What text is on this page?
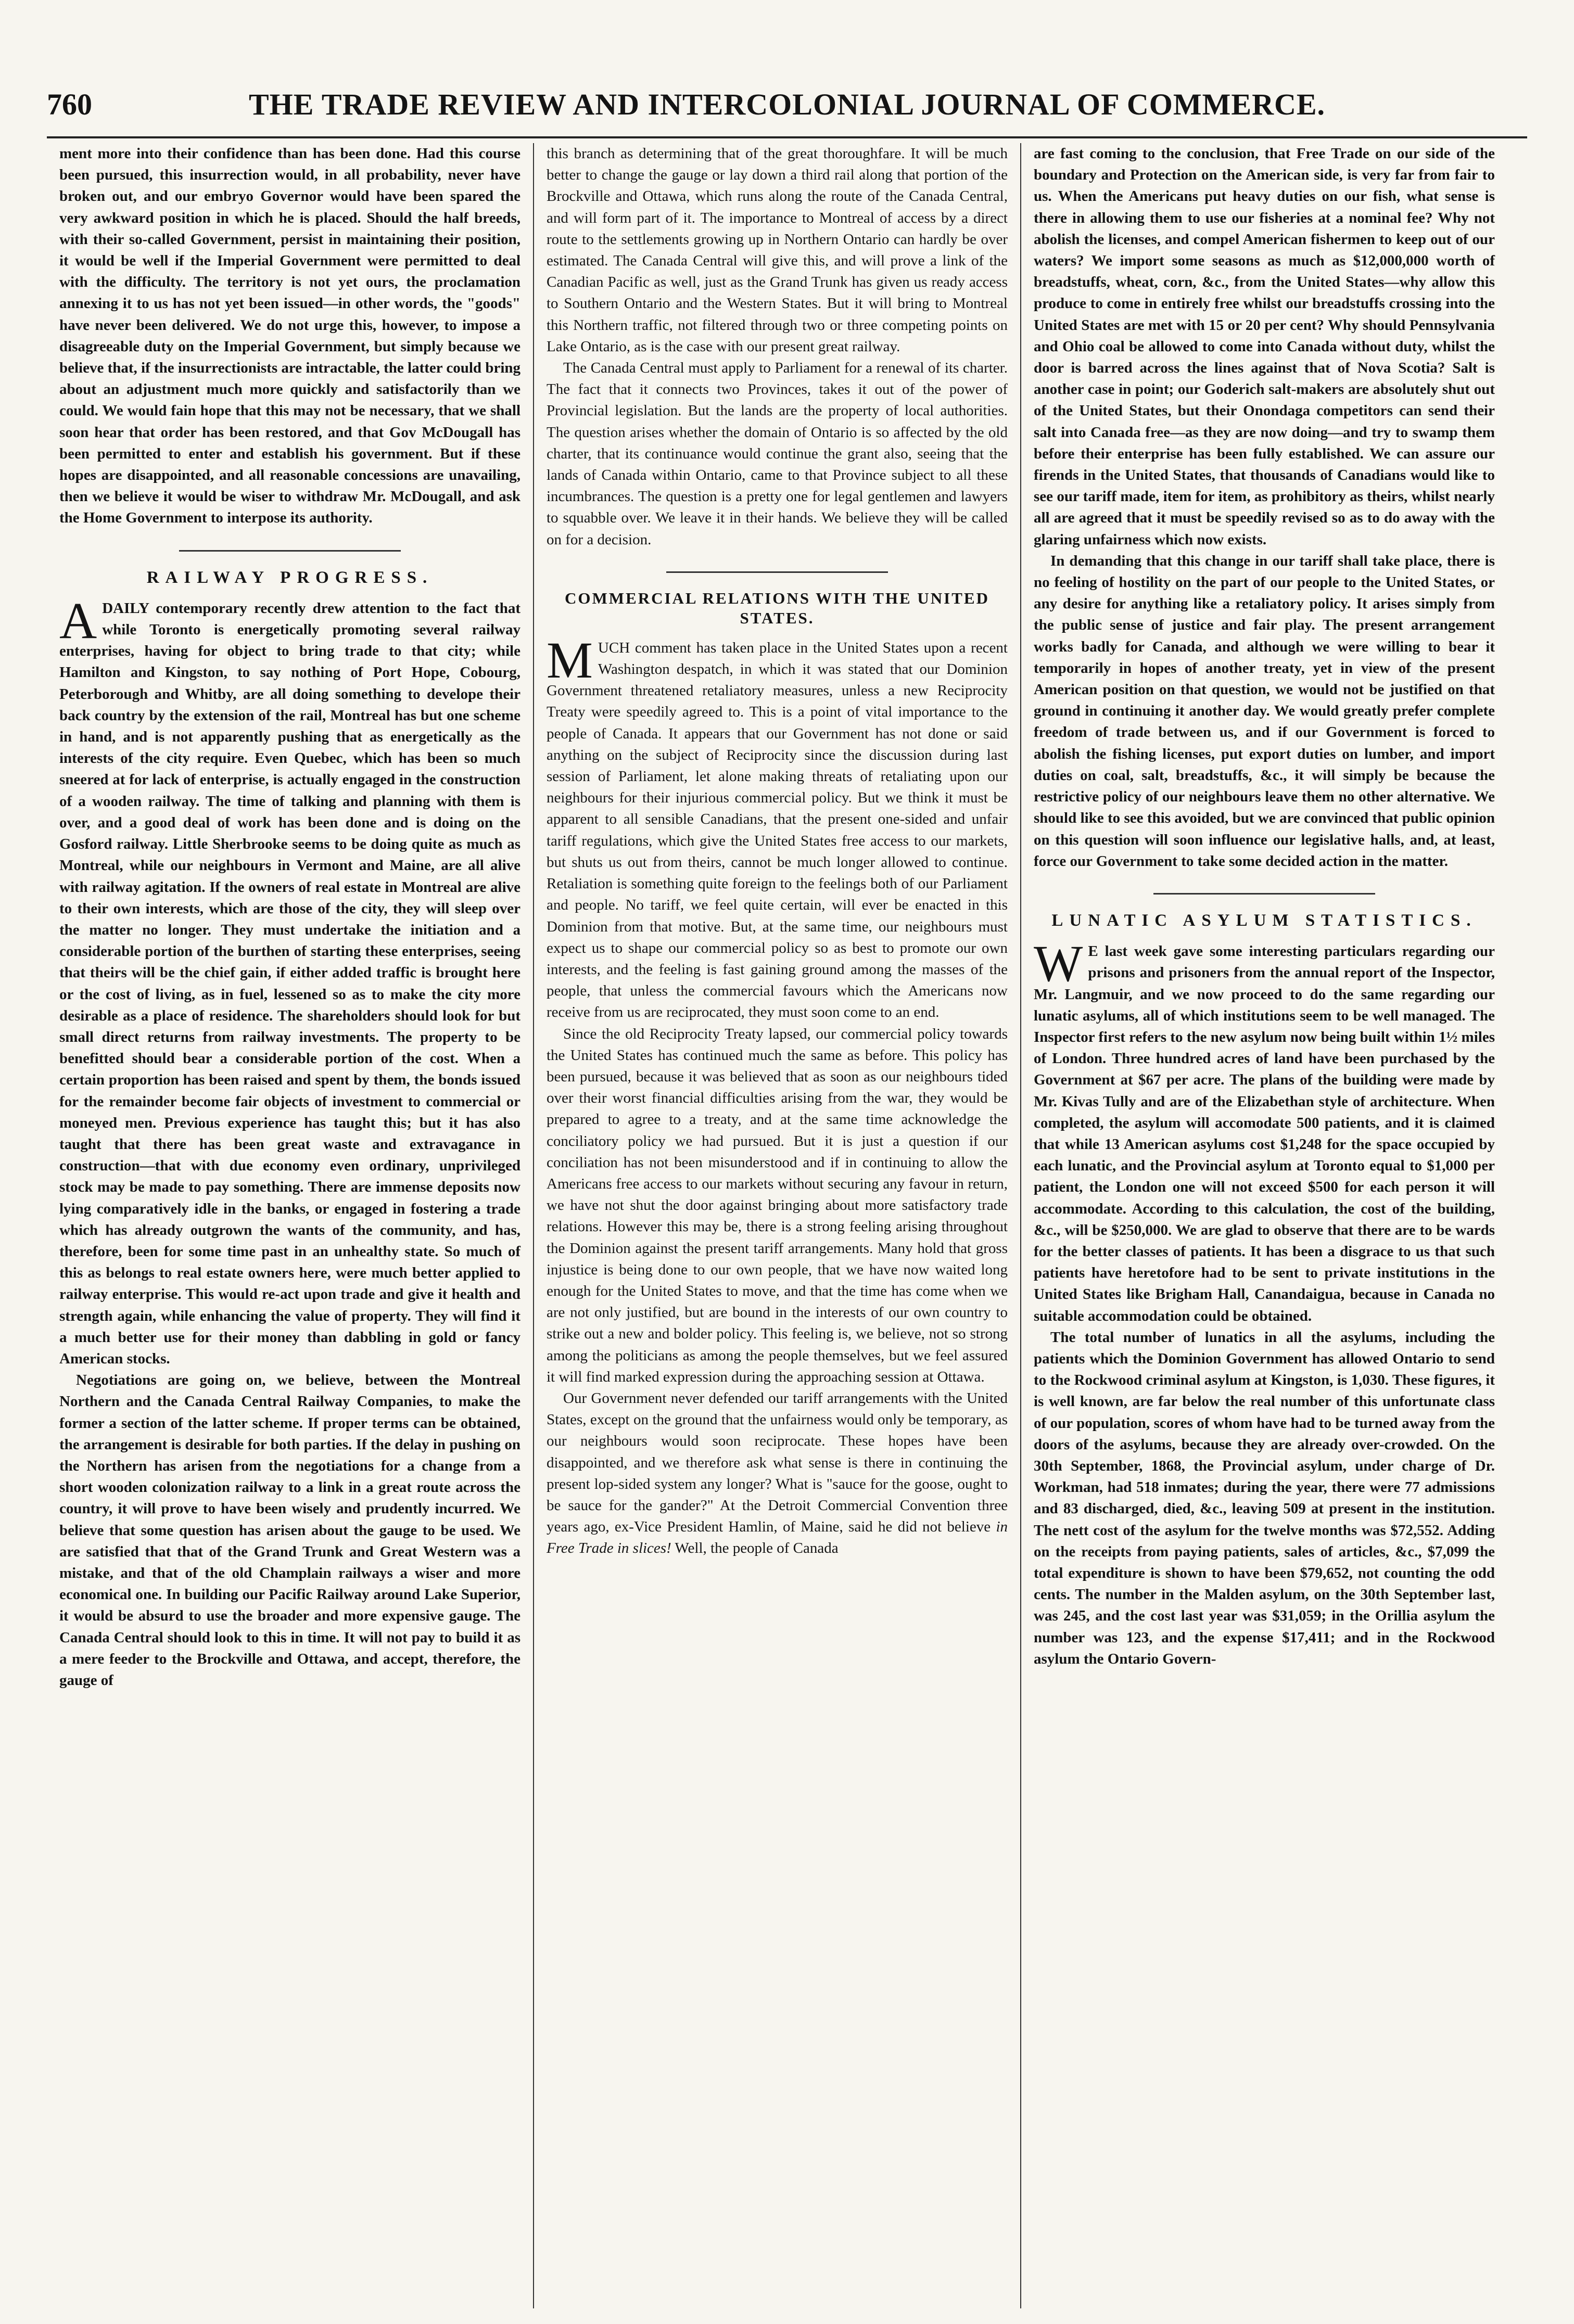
760	THE TRADE REVIEW AND INTERCOLONIAL JOURNAL OF COMMERCE.

ment more into their confidence than has been done. Had this course been pursued, this insurrection would, in all probability, never have broken out, and our embryo Governor would have been spared the very awkward position in which he is placed. Should the half breeds, with their so-called Government, persist in maintaining their position, it would be well if the Imperial Government were permitted to deal with the difficulty. The territory is not yet ours, the proclamation annexing it to us has not yet been issued—in other words, the "goods" have never been delivered. We do not urge this, however, to impose a disagreeable duty on the Imperial Government, but simply because we believe that, if the insurrectionists are intractable, the latter could bring about an adjustment much more quickly and satisfactorily than we could. We would fain hope that this may not be necessary, that we shall soon hear that order has been restored, and that Gov McDougall has been permitted to enter and establish his government. But if these hopes are disappointed, and all reasonable concessions are unavailing, then we believe it would be wiser to withdraw Mr. McDougall, and ask the Home Government to interpose its authority.

RAILWAY PROGRESS.

ADAILY contemporary recently drew attention to the fact that while Toronto is energetically promoting several railway enterprises, having for object to bring trade to that city; while Hamilton and Kingston, to say nothing of Port Hope, Cobourg, Peterborough and Whitby, are all doing something to develope their back country by the extension of the rail, Montreal has but one scheme in hand, and is not apparently pushing that as energetically as the interests of the city require. Even Quebec, which has been so much sneered at for lack of enterprise, is actually engaged in the construction of a wooden railway. The time of talking and planning with them is over, and a good deal of work has been done and is doing on the Gosford railway. Little Sherbrooke seems to be doing quite as much as Montreal, while our neighbours in Vermont and Maine, are all alive with railway agitation. If the owners of real estate in Montreal are alive to their own interests, which are those of the city, they will sleep over the matter no longer. They must undertake the initiation and a considerable portion of the burthen of starting these enterprises, seeing that theirs will be the chief gain, if either added traffic is brought here or the cost of living, as in fuel, lessened so as to make the city more desirable as a place of residence. The shareholders should look for but small direct returns from railway investments. The property to be benefitted should bear a considerable portion of the cost. When a certain proportion has been raised and spent by them, the bonds issued for the remainder become fair objects of investment to commercial or moneyed men. Previous experience has taught this; but it has also taught that there has been great waste and extravagance in construction—that with due economy even ordinary, unprivileged stock may be made to pay something. There are immense deposits now lying comparatively idle in the banks, or engaged in fostering a trade which has already outgrown the wants of the community, and has, therefore, been for some time past in an unhealthy state. So much of this as belongs to real estate owners here, were much better applied to railway enterprise. This would re-act upon trade and give it health and strength again, while enhancing the value of property. They will find it a much better use for their money than dabbling in gold or fancy American stocks.

Negotiations are going on, we believe, between the Montreal Northern and the Canada Central Railway Companies, to make the former a section of the latter scheme. If proper terms can be obtained, the arrangement is desirable for both parties. If the delay in pushing on the Northern has arisen from the negotiations for a change from a short wooden colonization railway to a link in a great route across the country, it will prove to have been wisely and prudently incurred. We believe that some question has arisen about the gauge to be used. We are satisfied that that of the Grand Trunk and Great Western was a mistake, and that of the old Champlain railways a wiser and more economical one. In building our Pacific Railway around Lake Superior, it would be absurd to use the broader and more expensive gauge. The Canada Central should look to this in time. It will not pay to build it as a mere feeder to the Brockville and Ottawa, and accept, therefore, the gauge of

this branch as determining that of the great thoroughfare. It will be much better to change the gauge or lay down a third rail along that portion of the Brockville and Ottawa, which runs along the route of the Canada Central, and will form part of it. The importance to Montreal of access by a direct route to the settlements growing up in Northern Ontario can hardly be over estimated. The Canada Central will give this, and will prove a link of the Canadian Pacific as well, just as the Grand Trunk has given us ready access to Southern Ontario and the Western States. But it will bring to Montreal this Northern traffic, not filtered through two or three competing points on Lake Ontario, as is the case with our present great railway.

The Canada Central must apply to Parliament for a renewal of its charter. The fact that it connects two Provinces, takes it out of the power of Provincial legislation. But the lands are the property of local authorities. The question arises whether the domain of Ontario is so affected by the old charter, that its continuance would continue the grant also, seeing that the lands of Canada within Ontario, came to that Province subject to all these incumbrances. The question is a pretty one for legal gentlemen and lawyers to squabble over. We leave it in their hands. We believe they will be called on for a decision.

COMMERCIAL RELATIONS WITH THE UNITED STATES.

MUCH comment has taken place in the United States upon a recent Washington despatch, in which it was stated that our Dominion Government threatened retaliatory measures, unless a new Reciprocity Treaty were speedily agreed to. This is a point of vital importance to the people of Canada. It appears that our Government has not done or said anything on the subject of Reciprocity since the discussion during last session of Parliament, let alone making threats of retaliating upon our neighbours for their injurious commercial policy. But we think it must be apparent to all sensible Canadians, that the present one-sided and unfair tariff regulations, which give the United States free access to our markets, but shuts us out from theirs, cannot be much longer allowed to continue. Retaliation is something quite foreign to the feelings both of our Parliament and people. No tariff, we feel quite certain, will ever be enacted in this Dominion from that motive. But, at the same time, our neighbours must expect us to shape our commercial policy so as best to promote our own interests, and the feeling is fast gaining ground among the masses of the people, that unless the commercial favours which the Americans now receive from us are reciprocated, they must soon come to an end.

Since the old Reciprocity Treaty lapsed, our commercial policy towards the United States has continued much the same as before. This policy has been pursued, because it was believed that as soon as our neighbours tided over their worst financial difficulties arising from the war, they would be prepared to agree to a treaty, and at the same time acknowledge the conciliatory policy we had pursued. But it is just a question if our conciliation has not been misunderstood and if in continuing to allow the Americans free access to our markets without securing any favour in return, we have not shut the door against bringing about more satisfactory trade relations. However this may be, there is a strong feeling arising throughout the Dominion against the present tariff arrangements. Many hold that gross injustice is being done to our own people, that we have now waited long enough for the United States to move, and that the time has come when we are not only justified, but are bound in the interests of our own country to strike out a new and bolder policy. This feeling is, we believe, not so strong among the politicians as among the people themselves, but we feel assured it will find marked expression during the approaching session at Ottawa.

Our Government never defended our tariff arrangements with the United States, except on the ground that the unfairness would only be temporary, as our neighbours would soon reciprocate. These hopes have been disappointed, and we therefore ask what sense is there in continuing the present lop-sided system any longer? What is "sauce for the goose, ought to be sauce for the gander?" At the Detroit Commercial Convention three years ago, ex-Vice President Hamlin, of Maine, said he did not believe in Free Trade in slices! Well, the people of Canada

are fast coming to the conclusion, that Free Trade on our side of the boundary and Protection on the American side, is very far from fair to us. When the Americans put heavy duties on our fish, what sense is there in allowing them to use our fisheries at a nominal fee? Why not abolish the licenses, and compel American fishermen to keep out of our waters? We import some seasons as much as $12,000,000 worth of breadstuffs, wheat, corn, &c., from the United States—why allow this produce to come in entirely free whilst our breadstuffs crossing into the United States are met with 15 or 20 per cent? Why should Pennsylvania and Ohio coal be allowed to come into Canada without duty, whilst the door is barred across the lines against that of Nova Scotia? Salt is another case in point; our Goderich salt-makers are absolutely shut out of the United States, but their Onondaga competitors can send their salt into Canada free—as they are now doing—and try to swamp them before their enterprise has been fully established. We can assure our firends in the United States, that thousands of Canadians would like to see our tariff made, item for item, as prohibitory as theirs, whilst nearly all are agreed that it must be speedily revised so as to do away with the glaring unfairness which now exists.

In demanding that this change in our tariff shall take place, there is no feeling of hostility on the part of our people to the United States, or any desire for anything like a retaliatory policy. It arises simply from the public sense of justice and fair play. The present arrangement works badly for Canada, and although we were willing to bear it temporarily in hopes of another treaty, yet in view of the present American position on that question, we would not be justified on that ground in continuing it another day. We would greatly prefer complete freedom of trade between us, and if our Government is forced to abolish the fishing licenses, put export duties on lumber, and import duties on coal, salt, breadstuffs, &c., it will simply be because the restrictive policy of our neighbours leave them no other alternative. We should like to see this avoided, but we are convinced that public opinion on this question will soon influence our legislative halls, and, at least, force our Government to take some decided action in the matter.

LUNATIC ASYLUM STATISTICS.

W E last week gave some interesting particulars regarding our prisons and prisoners from the annual report of the Inspector, Mr. Langmuir, and we now proceed to do the same regarding our lunatic asylums, all of which institutions seem to be well managed. The Inspector first refers to the new asylum now being built within 1½ miles of London. Three hundred acres of land have been purchased by the Government at $67 per acre. The plans of the building were made by Mr. Kivas Tully and are of the Elizabethan style of architecture. When completed, the asylum will accomodate 500 patients, and it is claimed that while 13 American asylums cost $1,248 for the space occupied by each lunatic, and the Provincial asylum at Toronto equal to $1,000 per patient, the London one will not exceed $500 for each person it will accommodate. According to this calculation, the cost of the building, &c., will be $250,000. We are glad to observe that there are to be wards for the better classes of patients. It has been a disgrace to us that such patients have heretofore had to be sent to private institutions in the United States like Brigham Hall, Canandaigua, because in Canada no suitable accommodation could be obtained.

The total number of lunatics in all the asylums, including the patients which the Dominion Government has allowed Ontario to send to the Rockwood criminal asylum at Kingston, is 1,030. These figures, it is well known, are far below the real number of this unfortunate class of our population, scores of whom have had to be turned away from the doors of the asylums, because they are already over-crowded. On the 30th September, 1868, the Provincial asylum, under charge of Dr. Workman, had 518 inmates; during the year, there were 77 admissions and 83 discharged, died, &c., leaving 509 at present in the institution. The nett cost of the asylum for the twelve months was $72,552. Adding on the receipts from paying patients, sales of articles, &c., $7,099 the total expenditure is shown to have been $79,652, not counting the odd cents. The number in the Malden asylum, on the 30th September last, was 245, and the cost last year was $31,059; in the Orillia asylum the number was 123, and the expense $17,411; and in the Rockwood asylum the Ontario Govern-
